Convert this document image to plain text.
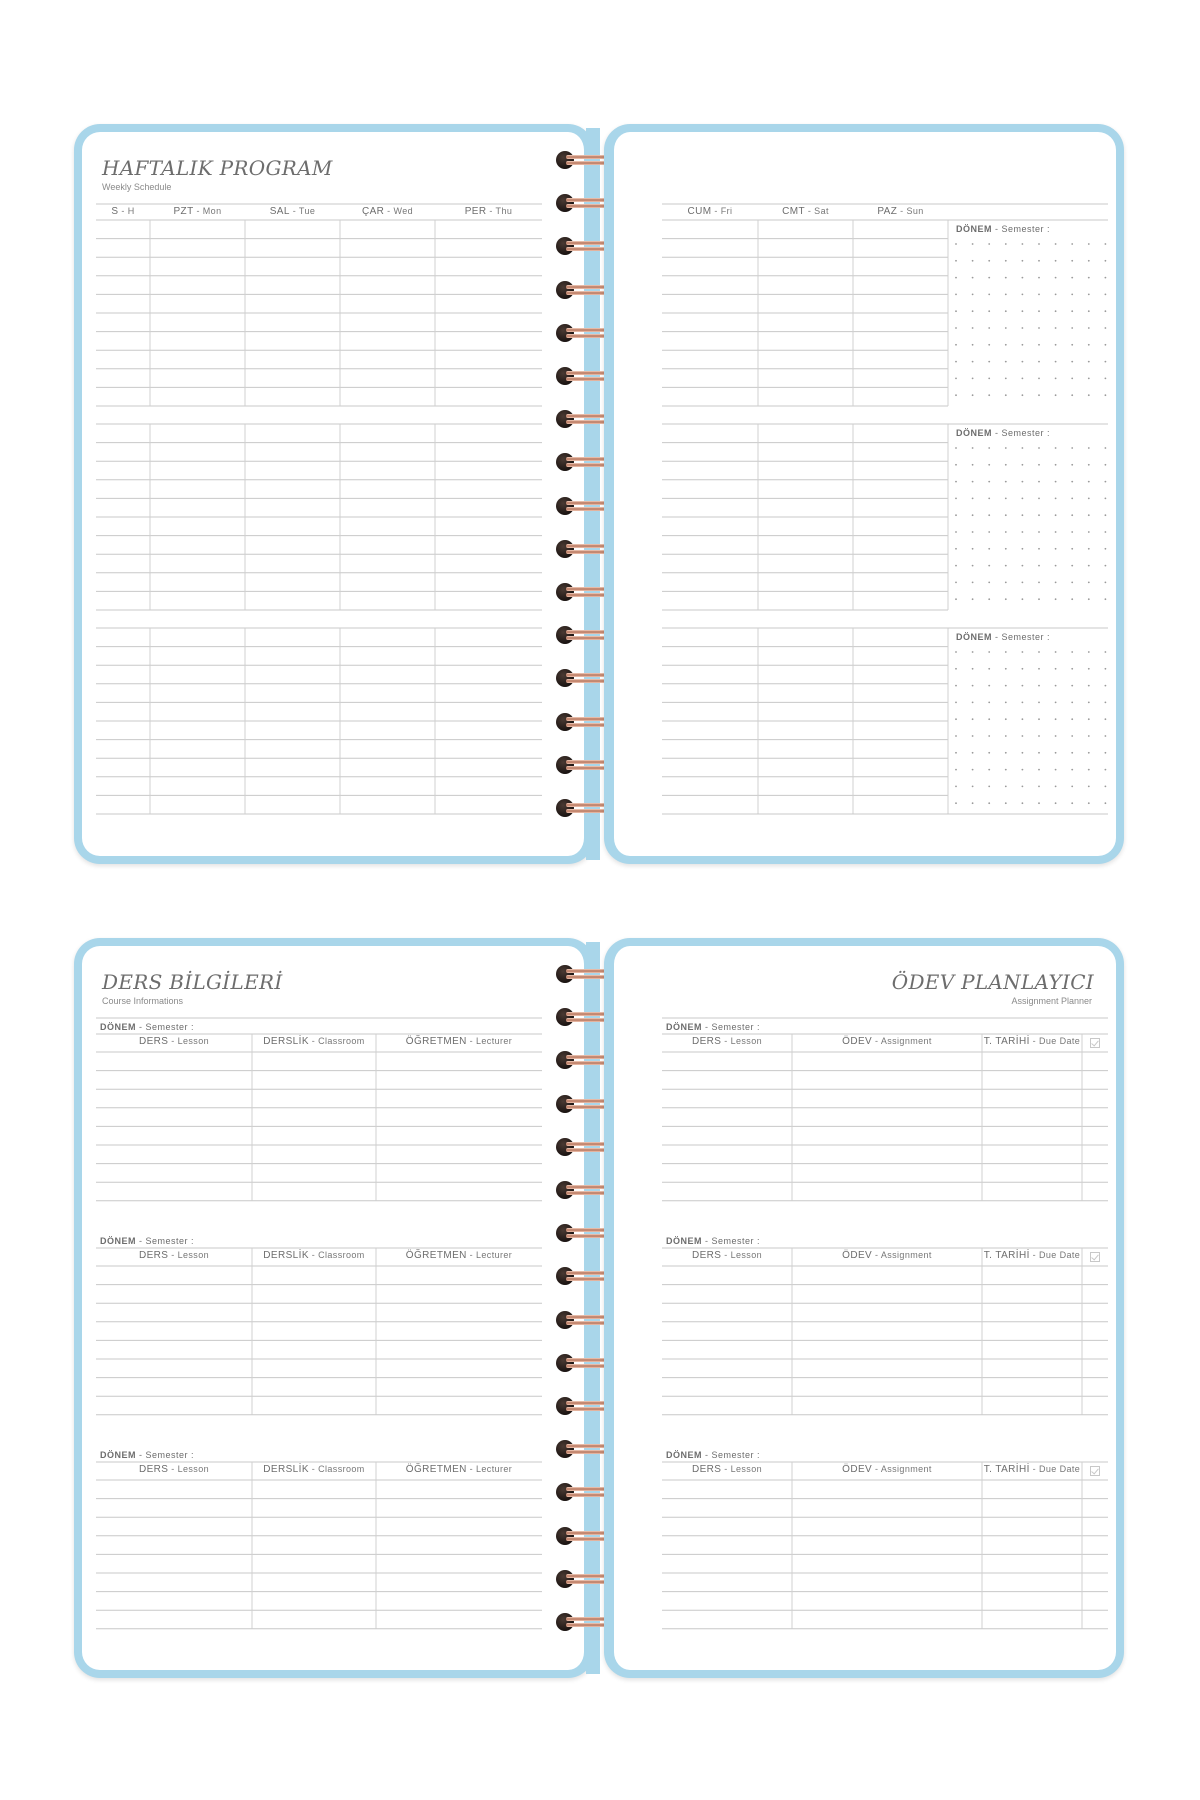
HAFTALIK PROGRAM
Weekly Schedule
S - H	PZT - Mon	SAL - Tue	ÇAR - Wed	PER - Thu	CUM - Fri	CMT - Sat	PAZ - Sun
DÖNEM - Semester :
DÖNEM - Semester :
DÖNEM - Semester :
DERS BİLGİLERİ
Course Informations
DÖNEM - Semester :
DERS - Lesson	DERSLİK - Classroom	ÖĞRETMEN - Lecturer
DÖNEM - Semester :
DERS - Lesson	DERSLİK - Classroom	ÖĞRETMEN - Lecturer
DÖNEM - Semester :
DERS - Lesson	DERSLİK - Classroom	ÖĞRETMEN - Lecturer
ÖDEV PLANLAYICI
Assignment Planner
DÖNEM - Semester :
DERS - Lesson	ÖDEV - Assignment	T. TARİHİ - Due Date
DÖNEM - Semester :
DERS - Lesson	ÖDEV - Assignment	T. TARİHİ - Due Date
DÖNEM - Semester :
DERS - Lesson	ÖDEV - Assignment	T. TARİHİ - Due Date
